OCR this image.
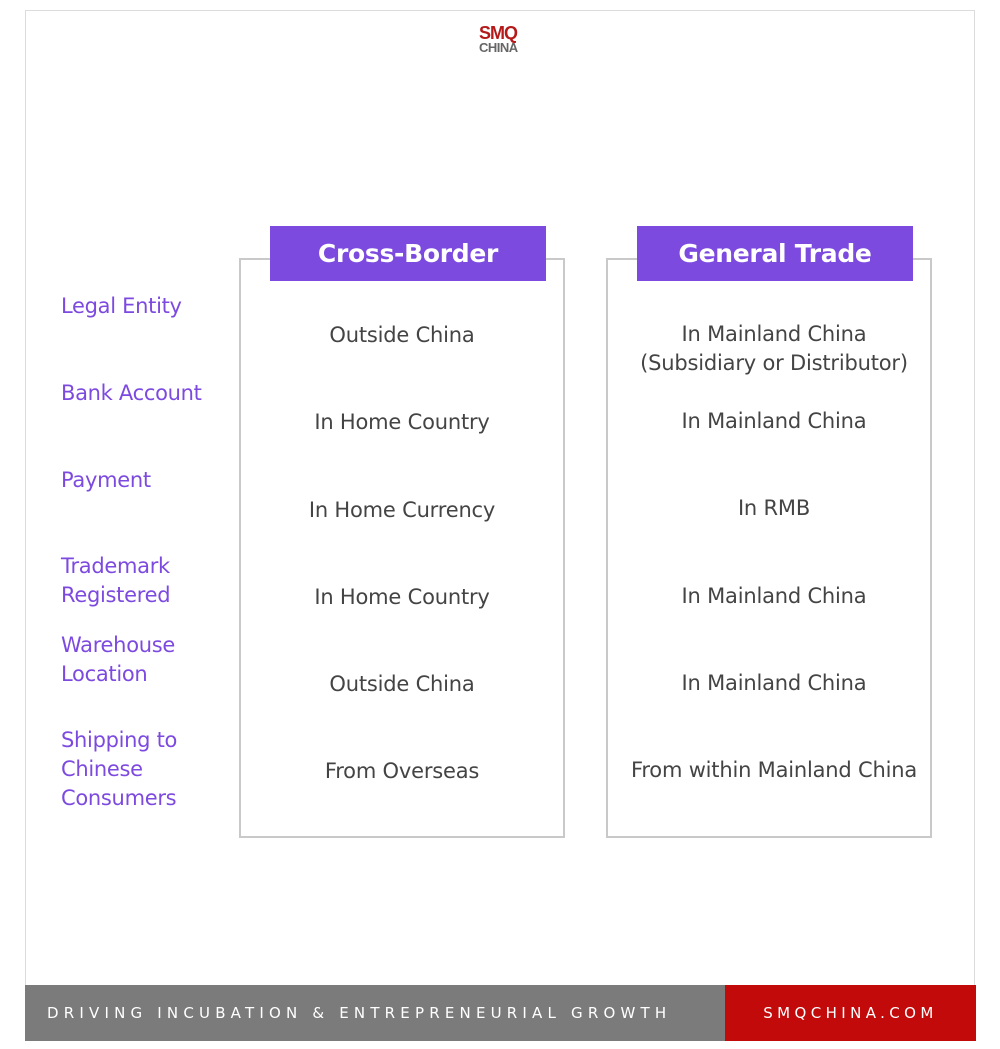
SMQ
CHINA
Legal Entity
Bank Account
Payment
Trademark
Registered
Warehouse
Location
Shipping to
Chinese
Consumers
Cross-Border	General Trade
Outside China
In Home Country
In Home Currency
In Home Country
Outside China
From Overseas
In Mainland China
(Subsidiary or Distributor)
In Mainland China
In RMB
In Mainland China
In Mainland China
From within Mainland China
DRIVING INCUBATION & ENTREPRENEURIAL GROWTH	SMQCHINA.COM
